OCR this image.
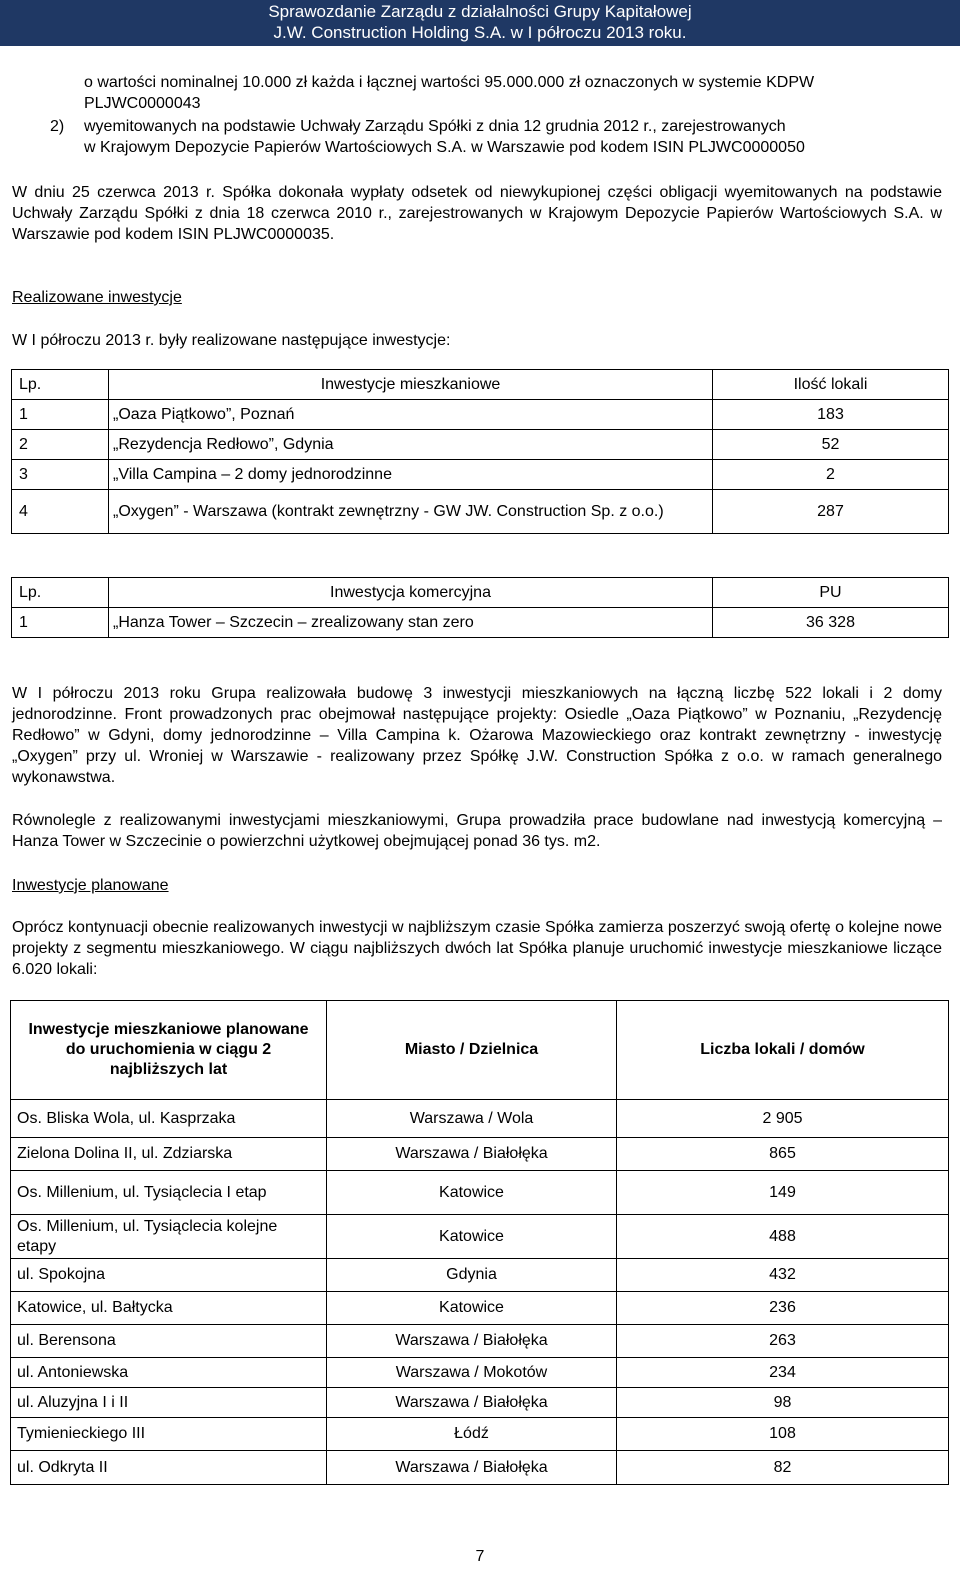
Sprawozdanie Zarządu z działalności Grupy Kapitałowej
J.W. Construction Holding S.A. w I półroczu 2013 roku.
o wartości nominalnej 10.000 zł każda i łącznej wartości 95.000.000 zł oznaczonych w systemie KDPW
PLJWC0000043
2) wyemitowanych na podstawie Uchwały Zarządu Spółki z dnia 12 grudnia 2012 r., zarejestrowanych
w Krajowym Depozycie Papierów Wartościowych S.A. w Warszawie pod kodem ISIN PLJWC0000050

W dniu 25 czerwca 2013 r. Spółka dokonała wypłaty odsetek od niewykupionej części obligacji wyemitowanych na podstawie Uchwały Zarządu Spółki z dnia 18 czerwca 2010 r., zarejestrowanych w Krajowym Depozycie Papierów Wartościowych S.A. w Warszawie pod kodem ISIN PLJWC0000035.

Realizowane inwestycje
W I półroczu 2013 r. były realizowane następujące inwestycje:
Lp.	Inwestycje mieszkaniowe	Ilość lokali
1	„Oaza Piątkowo”, Poznań	183
2	„Rezydencja Redłowo”, Gdynia	52
3	„Villa Campina – 2 domy jednorodzinne	2
4	„Oxygen” - Warszawa (kontrakt zewnętrzny - GW JW. Construction Sp. z o.o.)	287
Lp.	Inwestycja komercyjna	PU
1	„Hanza Tower – Szczecin – zrealizowany stan zero	36 328

W I półroczu 2013 roku Grupa realizowała budowę 3 inwestycji mieszkaniowych na łączną liczbę 522 lokali i 2 domy jednorodzinne. Front prowadzonych prac obejmował następujące projekty: Osiedle „Oaza Piątkowo” w Poznaniu, „Rezydencję Redłowo” w Gdyni, domy jednorodzinne – Villa Campina k. Ożarowa Mazowieckiego oraz kontrakt zewnętrzny - inwestycję „Oxygen” przy ul. Wroniej w Warszawie - realizowany przez Spółkę J.W. Construction Spółka z o.o. w ramach generalnego wykonawstwa.

Równolegle z realizowanymi inwestycjami mieszkaniowymi, Grupa prowadziła prace budowlane nad inwestycją komercyjną – Hanza Tower w Szczecinie o powierzchni użytkowej obejmującej ponad 36 tys. m2.

Inwestycje planowane

Oprócz kontynuacji obecnie realizowanych inwestycji w najbliższym czasie Spółka zamierza poszerzyć swoją ofertę o kolejne nowe projekty z segmentu mieszkaniowego. W ciągu najbliższych dwóch lat Spółka planuje uruchomić inwestycje mieszkaniowe liczące 6.020 lokali:

Inwestycje mieszkaniowe planowane do uruchomienia w ciągu 2 najbliższych lat	Miasto / Dzielnica	Liczba lokali / domów
Os. Bliska Wola, ul. Kasprzaka	Warszawa / Wola	2 905
Zielona Dolina II, ul. Zdziarska	Warszawa / Białołęka	865
Os. Millenium, ul. Tysiąclecia I etap	Katowice	149
Os. Millenium, ul. Tysiąclecia kolejne etapy	Katowice	488
ul. Spokojna	Gdynia	432
Katowice, ul. Bałtycka	Katowice	236
ul. Berensona	Warszawa / Białołęka	263
ul. Antoniewska	Warszawa / Mokotów	234
ul. Aluzyjna I i II	Warszawa / Białołęka	98
Tymienieckiego III	Łódź	108
ul. Odkryta II	Warszawa / Białołęka	82
7
